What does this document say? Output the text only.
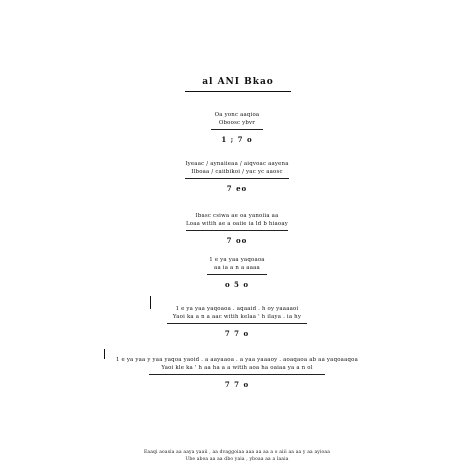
al ANI Bkao
Oa yonc aaqioa
Oboosc ybvr
1 ; 7 o
Iyeaac / aynaiieaa / aiqvoac aayena
Ilboaa / caiibikoi / yac yc aaosc
7 eo
Ibasc csiwa ae oa yanoiia aa
Loaa witih ae a oaiie ia ld b hiaoay
7 oo
1 e ya yaa yaqoaoa
aa ia a n a aaaa
o 5 o
1 e ya yaa yaqoaoa . aqaaid . h oy yaaaaoi
Yaoi ka a n a aac witih kelaa ' h ilaya . ia hy
7 7 o
1 e ya yaa y yaa yaqoa yaoid . a aayaaoa . a yaa yaaaoy . aoaqaoa ab aa yaqoaaqoa
Yaoi kle ka ' h aa ha a a witih aoa ha oaiaa ya a n ol
7 7 o
Eaaqi aoasia aa aaya yaaii , aa dvaggoiaa aaa aa aa a o aiii aa aa y aa ayioaa
Ube aboa aa aa dbo yaia , yboaa aa a laaia
